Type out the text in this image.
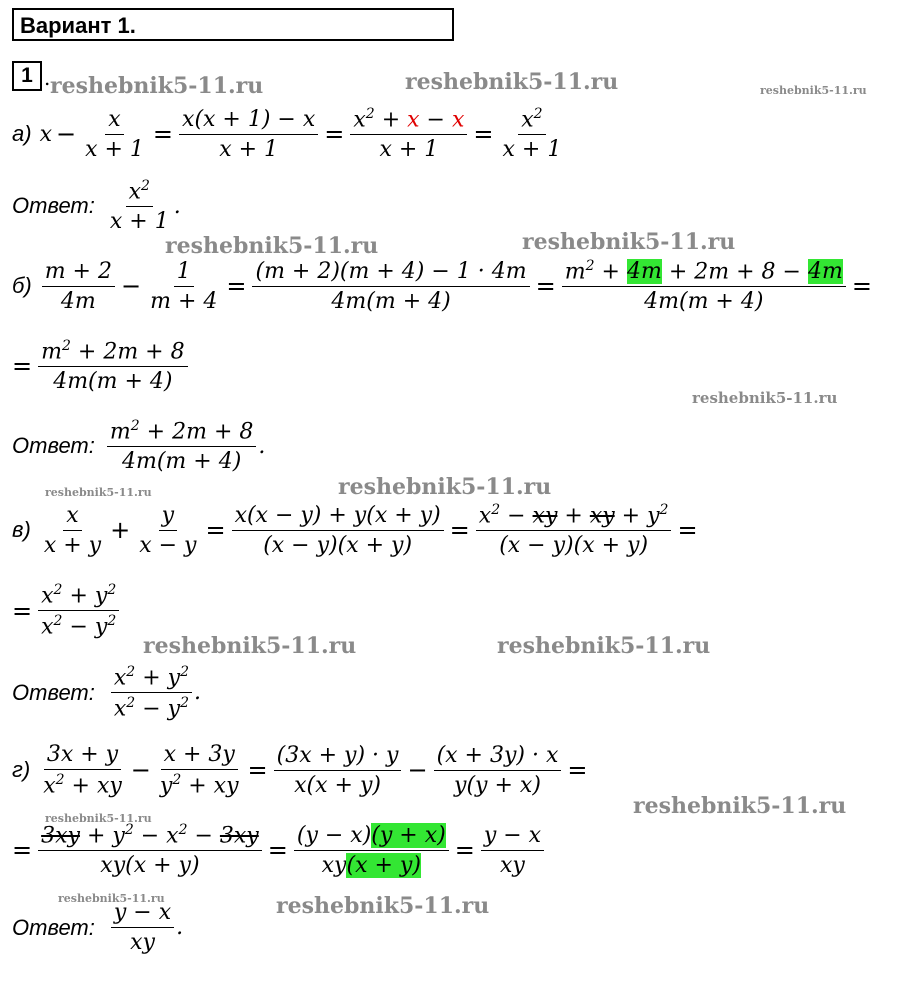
Вариант 1.
1 . reshebnik5-11.ru	reshebnik5-11.ru	reshebnik5-11.ru
reshebnik5-11.ru	reshebnik5-11.ru
reshebnik5-11.ru
reshebnik5-11.ru
reshebnik5-11.ru
reshebnik5-11.ru	reshebnik5-11.ru
reshebnik5-11.ru
reshebnik5-11.ru
reshebnik5-11.ru	reshebnik5-11.ru
а) $x - \frac{x}{x + 1} = \frac{x(x + 1) - x}{x + 1} = \frac{x^2 + x - x}{x + 1} = \frac{x^2}{x + 1}$
Ответ: $\frac{x^2}{x + 1}$ .
$б) \frac{m + 2}{4m} - \frac{1}{m + 4} = \frac{(m + 2)(m + 4) - 1 \cdot 4m}{4m(m + 4)} = \frac{m^2 + 4m + 2m + 8 - 4m}{4m(m + 4)}$ =
= $\frac{m^2 + 2m + 8}{4m(m + 4)}$
Ответ: $\frac{m^2 + 2m + 8}{4m(m + 4)}$ .
$в) \frac{x}{x + y} + \frac{y}{x - y} = \frac{x(x - y) + y(x + y)}{(x - y)(x + y)} = \frac{x^2 - xy + xy + y^2}{(x - y)(x + y)}$ =
= $\frac{x^2 + y^2}{x^2 - y^2}$
Ответ: $\frac{x^2 + y^2}{x^2 - y^2}$ .
$г) \frac{3x + y}{x^2 + xy} - \frac{x + 3y}{y^2 + xy} = \frac{(3x + y) \cdot y}{x(x + y)} - \frac{(x + 3y) \cdot x}{y(y + x)}$ =
= $\frac{3xy + y^2 - x^2 - 3xy}{xy(x + y)} = \frac{(y - x)(y + x)}{xy(x + y)} = \frac{y - x}{xy}$
Ответ: $\frac{y - x}{xy}$ .
